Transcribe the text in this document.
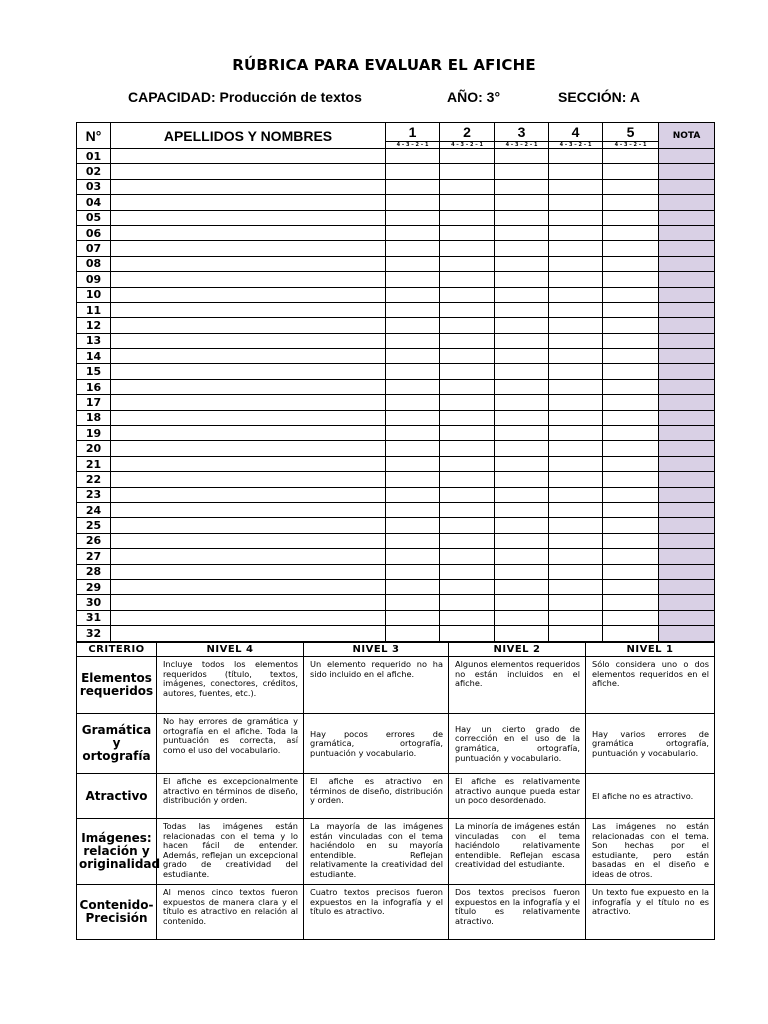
RÚBRICA PARA EVALUAR EL AFICHE
CAPACIDAD: Producción de textos	AÑO: 3°	SECCIÓN: A
N°	APELLIDOS Y NOMBRES	1	2	3	4	5	NOTA
		4 – 3 – 2 – 1	4 – 3 – 2 – 1	4 – 3 – 2 – 1	4 – 3 – 2 – 1	4 – 3 – 2 – 1	
01							
02							
03							
04							
05							
06							
07							
08							
09							
10							
11							
12							
13							
14							
15							
16							
17							
18							
19							
20							
21							
22							
23							
24							
25							
26							
27							
28							
29							
30							
31							
32							
CRITERIO	NIVEL 4	NIVEL 3	NIVEL 2	NIVEL 1
Elementos requeridos	Incluye todos los elementos requeridos (título, textos, imágenes, conectores, créditos, autores, fuentes, etc.).	Un elemento requerido no ha sido incluido en el afiche.	Algunos elementos requeridos no están incluidos en el afiche.	Sólo considera uno o dos elementos requeridos en el afiche.
Gramática y ortografía	No hay errores de gramática y ortografía en el afiche. Toda la puntuación es correcta, así como el uso del vocabulario.	Hay pocos errores de gramática, ortografía, puntuación y vocabulario.	Hay un cierto grado de corrección en el uso de la gramática, ortografía, puntuación y vocabulario.	Hay varios errores de gramática ortografía, puntuación y vocabulario.
Atractivo	El afiche es excepcionalmente atractivo en términos de diseño, distribución y orden.	El afiche es atractivo en términos de diseño, distribución y orden.	El afiche es relativamente atractivo aunque pueda estar un poco desordenado.	El afiche no es atractivo.
Imágenes: relación y originalidad	Todas las imágenes están relacionadas con el tema y lo hacen fácil de entender. Además, reflejan un excepcional grado de creatividad del estudiante.	La mayoría de las imágenes están vinculadas con el tema haciéndolo en su mayoría entendible. Reflejan relativamente la creatividad del estudiante.	La minoría de imágenes están vinculadas con el tema haciéndolo relativamente entendible. Reflejan escasa creatividad del estudiante.	Las imágenes no están relacionadas con el tema. Son hechas por el estudiante, pero están basadas en el diseño e ideas de otros.
Contenido-Precisión	Al menos cinco textos fueron expuestos de manera clara y el título es atractivo en relación al contenido.	Cuatro textos precisos fueron expuestos en la infografía y el título es atractivo.	Dos textos precisos fueron expuestos en la infografía y el título es relativamente atractivo.	Un texto fue expuesto en la infografía y el título no es atractivo.
